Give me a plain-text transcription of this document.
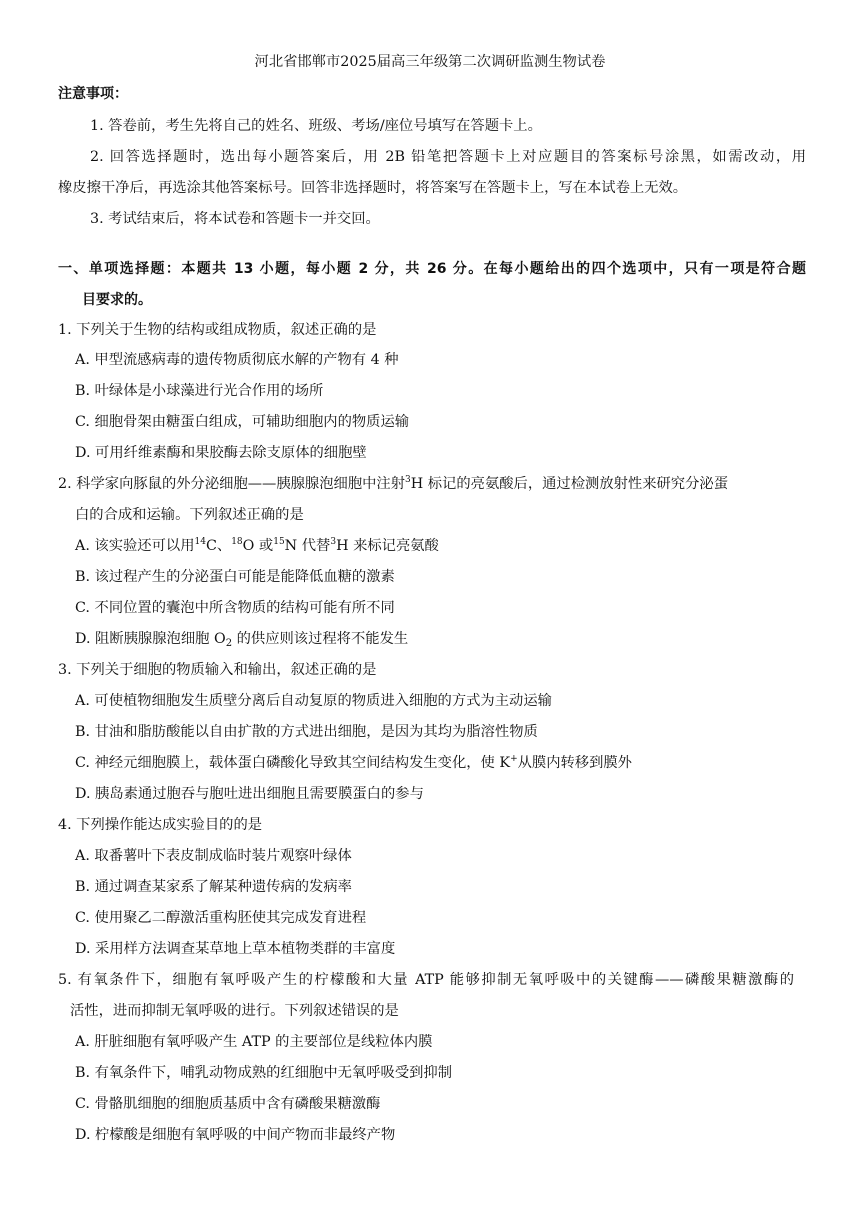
河北省邯郸市2025届高三年级第二次调研监测生物试卷
注意事项：
1. 答卷前，考生先将自己的姓名、班级、考场/座位号填写在答题卡上。
2. 回答选择题时，选出每小题答案后，用 2B 铅笔把答题卡上对应题目的答案标号涂黑，如需改动，用
橡皮擦干净后，再选涂其他答案标号。回答非选择题时，将答案写在答题卡上，写在本试卷上无效。
3. 考试结束后，将本试卷和答题卡一并交回。
一、单项选择题：本题共 13 小题，每小题 2 分，共 26 分。在每小题给出的四个选项中，只有一项是符合题
目要求的。
1. 下列关于生物的结构或组成物质，叙述正确的是
A. 甲型流感病毒的遗传物质彻底水解的产物有 4 种
B. 叶绿体是小球藻进行光合作用的场所
C. 细胞骨架由糖蛋白组成，可辅助细胞内的物质运输
D. 可用纤维素酶和果胶酶去除支原体的细胞壁
2. 科学家向豚鼠的外分泌细胞——胰腺腺泡细胞中注射$^3$H 标记的亮氨酸后，通过检测放射性来研究分泌蛋
白的合成和运输。下列叙述正确的是
A. 该实验还可以用$^{14}$C、$^{18}$O 或$^{15}$N 代替$^3$H 来标记亮氨酸
B. 该过程产生的分泌蛋白可能是能降低血糖的激素
C. 不同位置的囊泡中所含物质的结构可能有所不同
D. 阻断胰腺腺泡细胞 $O_2$ 的供应则该过程将不能发生
3. 下列关于细胞的物质输入和输出，叙述正确的是
A. 可使植物细胞发生质壁分离后自动复原的物质进入细胞的方式为主动运输
B. 甘油和脂肪酸能以自由扩散的方式进出细胞，是因为其均为脂溶性物质
C. 神经元细胞膜上，载体蛋白磷酸化导致其空间结构发生变化，使 K+从膜内转移到膜外
D. 胰岛素通过胞吞与胞吐进出细胞且需要膜蛋白的参与
4. 下列操作能达成实验目的的是
A. 取番薯叶下表皮制成临时装片观察叶绿体
B. 通过调查某家系了解某种遗传病的发病率
C. 使用聚乙二醇激活重构胚使其完成发育进程
D. 采用样方法调查某草地上草本植物类群的丰富度
5. 有氧条件下，细胞有氧呼吸产生的柠檬酸和大量 ATP 能够抑制无氧呼吸中的关键酶——磷酸果糖激酶的
活性，进而抑制无氧呼吸的进行。下列叙述错误的是
A. 肝脏细胞有氧呼吸产生 ATP 的主要部位是线粒体内膜
B. 有氧条件下，哺乳动物成熟的红细胞中无氧呼吸受到抑制
C. 骨骼肌细胞的细胞质基质中含有磷酸果糖激酶
D. 柠檬酸是细胞有氧呼吸的中间产物而非最终产物
